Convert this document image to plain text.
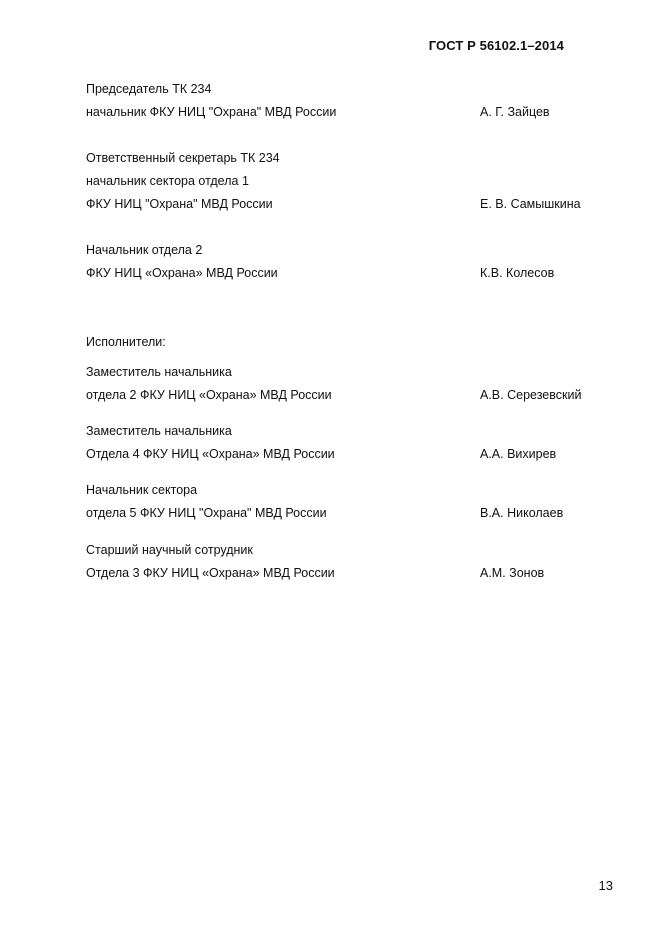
ГОСТ Р 56102.1–2014
Председатель ТК 234
начальник ФКУ НИЦ "Охрана" МВД России	А. Г. Зайцев
Ответственный секретарь ТК 234
начальник сектора отдела 1
ФКУ НИЦ "Охрана" МВД России	Е. В. Самышкина
Начальник отдела 2
ФКУ НИЦ «Охрана» МВД России	К.В. Колесов
Исполнители:
Заместитель начальника
отдела 2 ФКУ НИЦ «Охрана» МВД России	А.В. Серезевский
Заместитель начальника
Отдела 4 ФКУ НИЦ «Охрана» МВД России	А.А. Вихирев
Начальник сектора
отдела 5 ФКУ НИЦ "Охрана" МВД России	В.А. Николаев
Старший научный сотрудник
Отдела 3 ФКУ НИЦ «Охрана» МВД России	А.М. Зонов
13
